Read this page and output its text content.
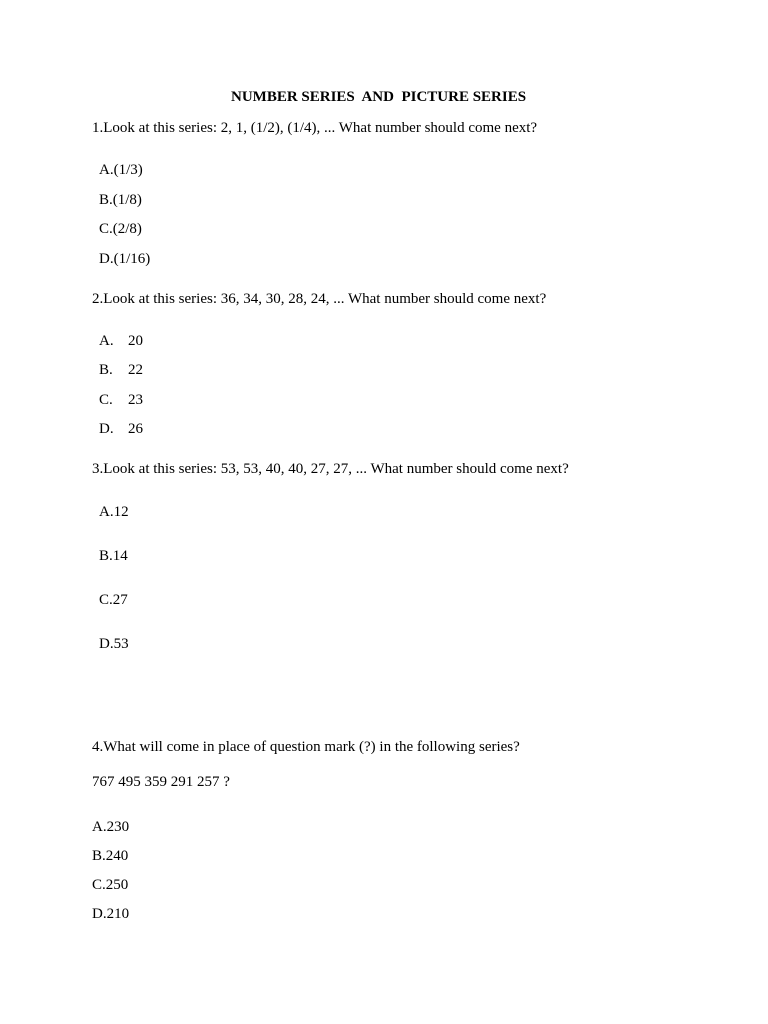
NUMBER SERIES  AND  PICTURE SERIES
1.Look at this series: 2, 1, (1/2), (1/4), ... What number should come next?
A.(1/3)
B.(1/8)
C.(2/8)
D.(1/16)
2.Look at this series: 36, 34, 30, 28, 24, ... What number should come next?
A. 20
B. 22
C. 23
D. 26
3.Look at this series: 53, 53, 40, 40, 27, 27, ... What number should come next?
A.12
B.14
C.27
D.53
4.What will come in place of question mark (?) in the following series?
767 495 359 291 257 ?
A.230
B.240
C.250
D.210
